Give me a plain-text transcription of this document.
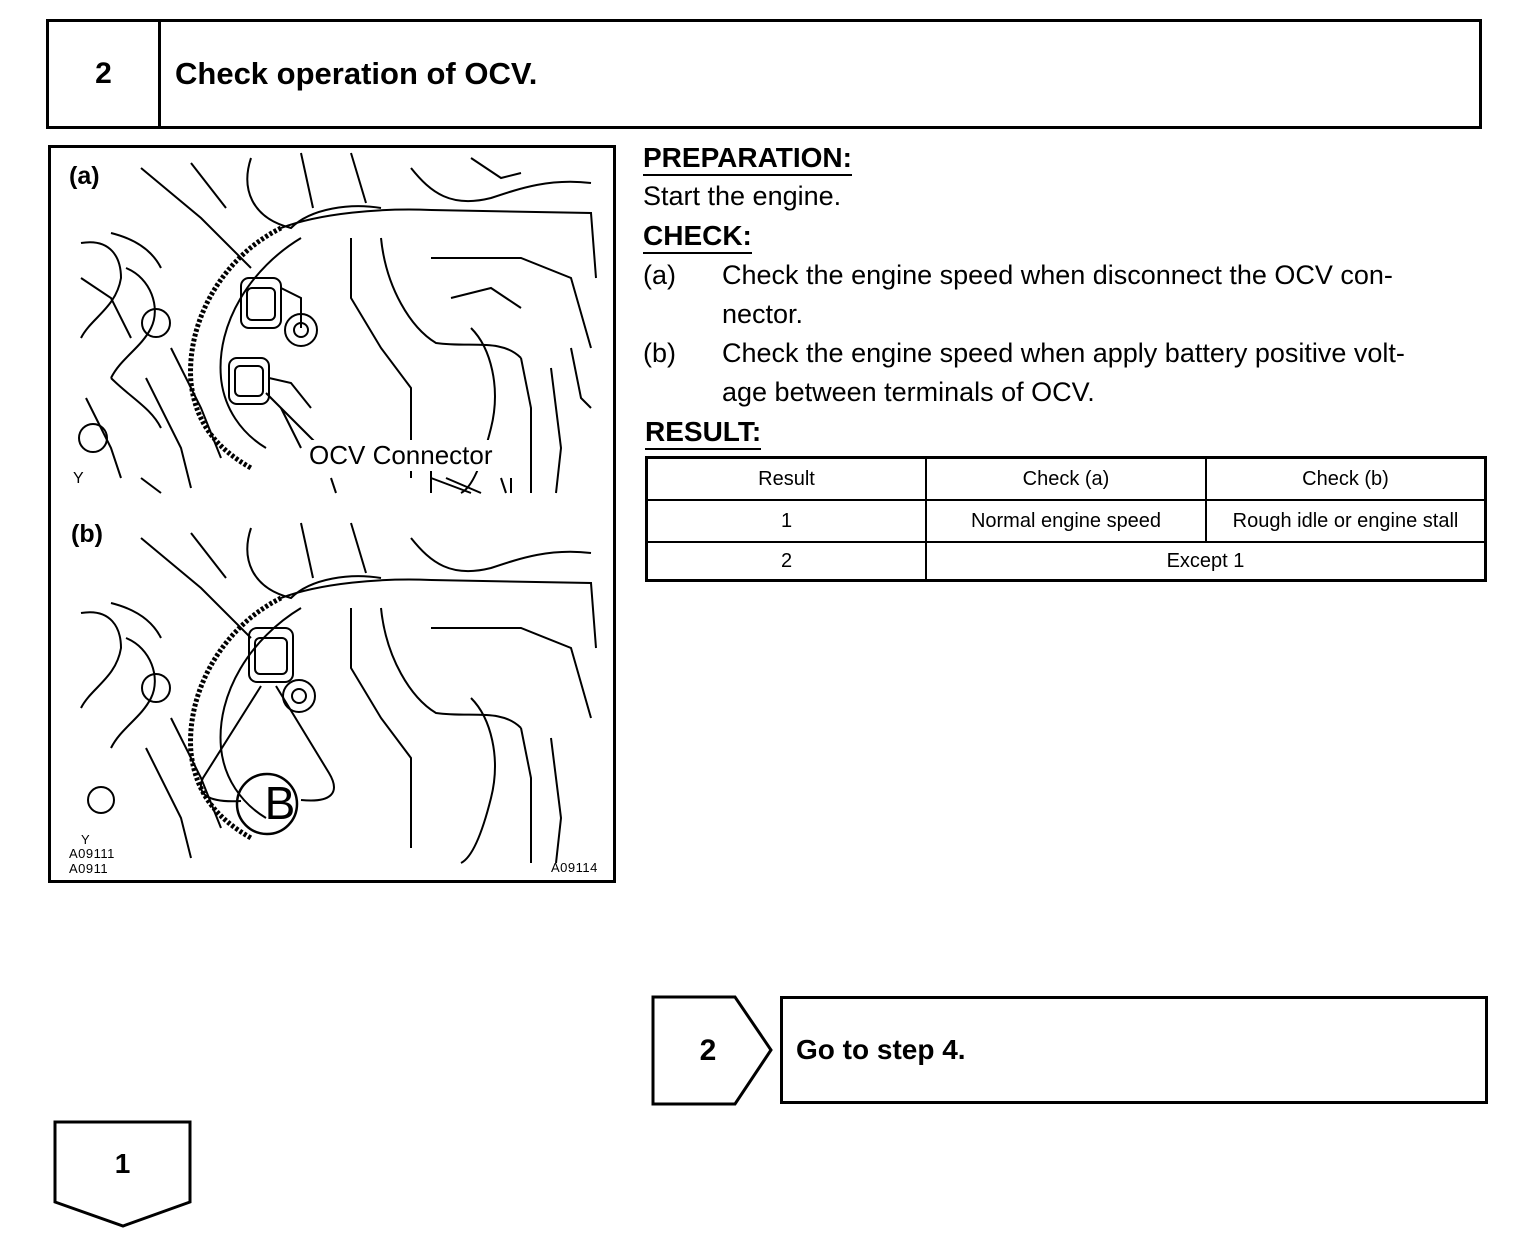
2	Check operation of OCV.
(a)
(b)
OCV Connector
B
Y
Y
A09111
A0911	A09114
PREPARATION:
Start the engine.
CHECK:
(a) Check the engine speed when disconnect the OCV con-
nector.
(b) Check the engine speed when apply battery positive volt-
age between terminals of OCV.
RESULT:
Result	Check (a)	Check (b)
1	Normal engine speed	Rough idle or engine stall
2	Except 1
2	Go to step 4.
1
